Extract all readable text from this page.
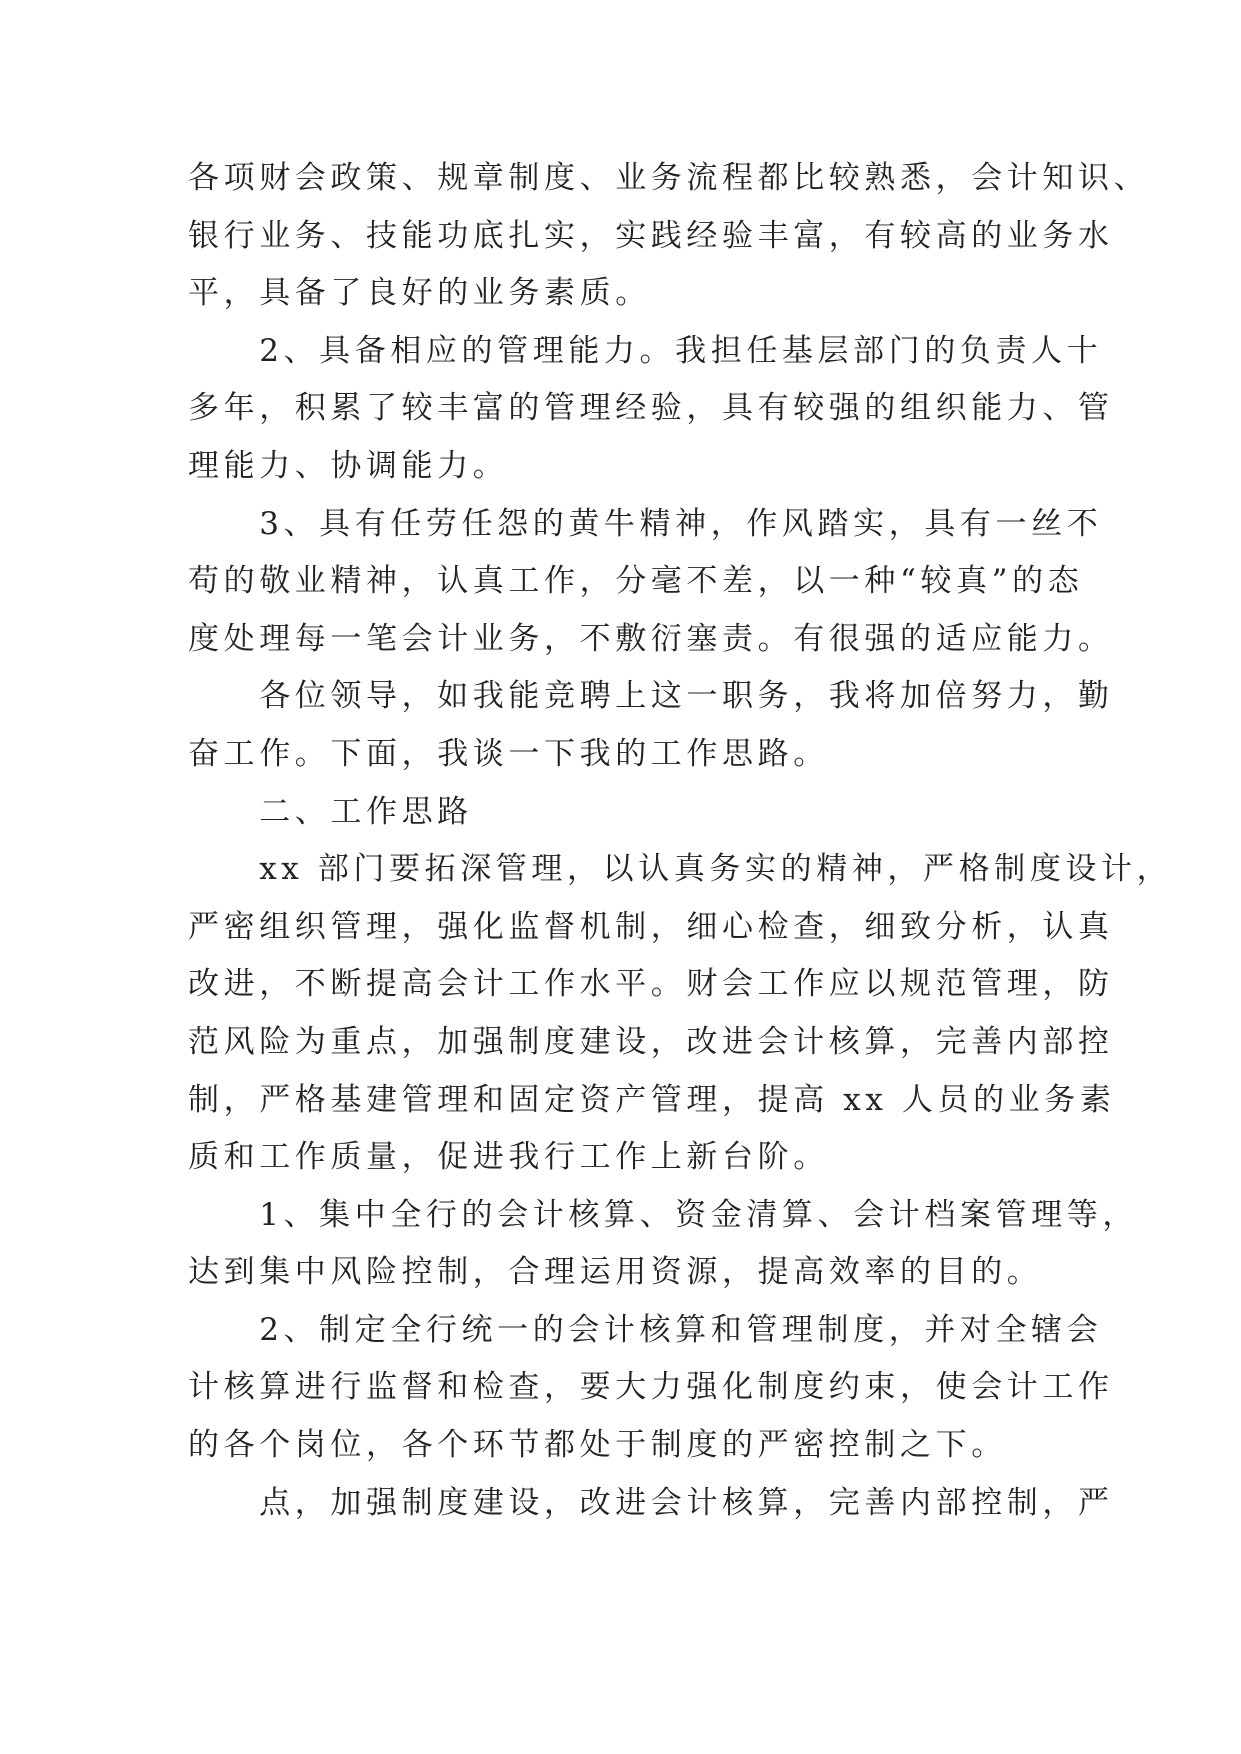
各项财会政策、规章制度、业务流程都比较熟悉，会计知识、

银行业务、技能功底扎实，实践经验丰富，有较高的业务水

平，具备了良好的业务素质。

　　2、具备相应的管理能力。我担任基层部门的负责人十

多年，积累了较丰富的管理经验，具有较强的组织能力、管

理能力、协调能力。

　　3、具有任劳任怨的黄牛精神，作风踏实，具有一丝不

苟的敬业精神，认真工作，分毫不差，以一种“较真”的态

度处理每一笔会计业务，不敷衍塞责。有很强的适应能力。

　　各位领导，如我能竞聘上这一职务，我将加倍努力，勤

奋工作。下面，我谈一下我的工作思路。

　　二、工作思路

　　xx 部门要拓深管理，以认真务实的精神，严格制度设计，

严密组织管理，强化监督机制，细心检查，细致分析，认真

改进，不断提高会计工作水平。财会工作应以规范管理，防

范风险为重点，加强制度建设，改进会计核算，完善内部控

制，严格基建管理和固定资产管理，提高 xx 人员的业务素

质和工作质量，促进我行工作上新台阶。

　　1、集中全行的会计核算、资金清算、会计档案管理等，

达到集中风险控制，合理运用资源，提高效率的目的。

　　2、制定全行统一的会计核算和管理制度，并对全辖会

计核算进行监督和检查，要大力强化制度约束，使会计工作

的各个岗位，各个环节都处于制度的严密控制之下。

　　点，加强制度建设，改进会计核算，完善内部控制，严
